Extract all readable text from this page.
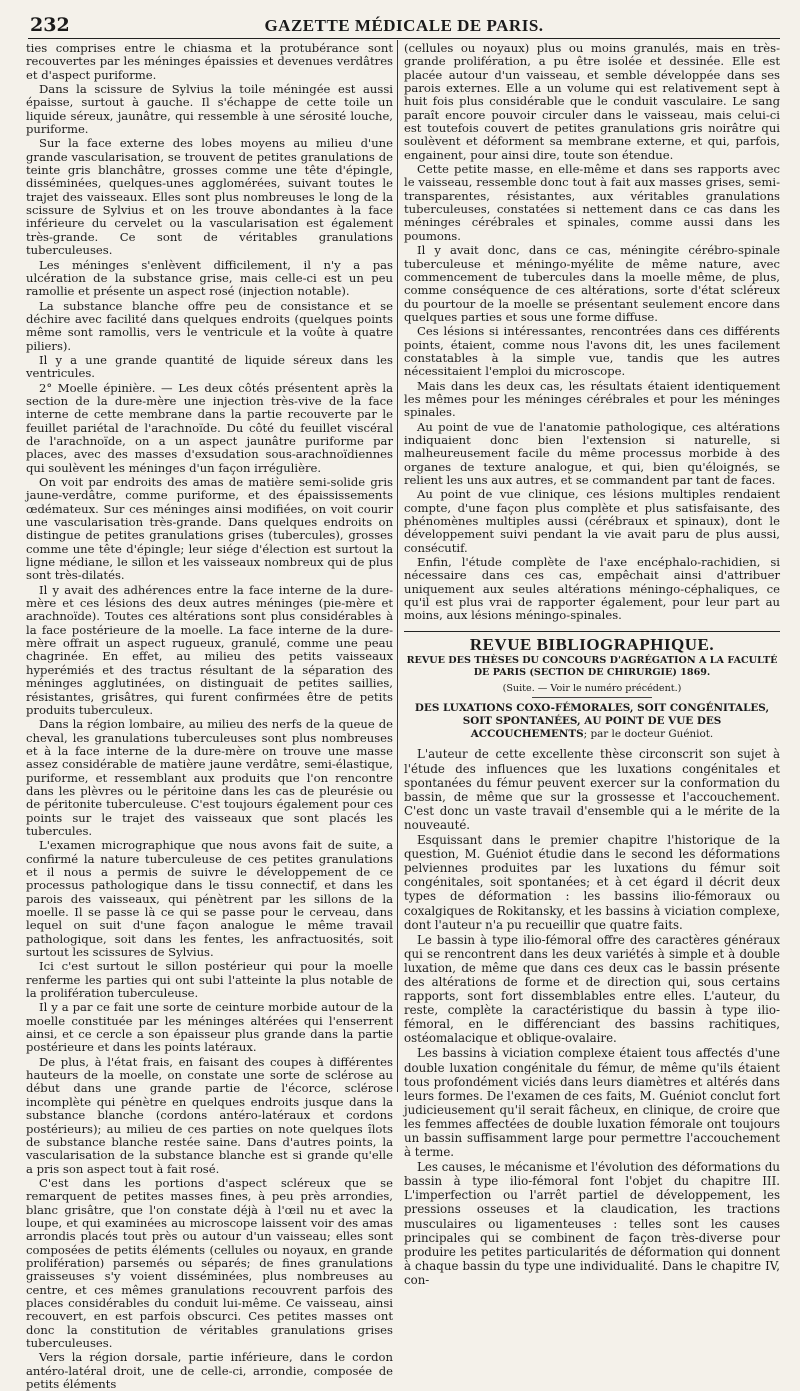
232	GAZETTE MÉDICALE DE PARIS.

ties comprises entre le chiasma et la protubérance sont recouvertes par les méninges épaissies et devenues verdâtres et d'aspect puriforme.

Dans la scissure de Sylvius la toile méningée est aussi épaisse, surtout à gauche. Il s'échappe de cette toile un liquide séreux, jaunâtre, qui ressemble à une sérosité louche, puriforme.

Sur la face externe des lobes moyens au milieu d'une grande vascularisation, se trouvent de petites granulations de teinte gris blanchâtre, grosses comme une tête d'épingle, disséminées, quelques-unes agglomérées, suivant toutes le trajet des vaisseaux. Elles sont plus nombreuses le long de la scissure de Sylvius et on les trouve abondantes à la face inférieure du cervelet ou la vascularisation est également très-grande. Ce sont de véritables granulations tuberculeuses.

Les méninges s'enlèvent difficilement, il n'y a pas ulcération de la substance grise, mais celle-ci est un peu ramollie et présente un aspect rosé (injection notable).

La substance blanche offre peu de consistance et se déchire avec facilité dans quelques endroits (quelques points même sont ramollis, vers le ventricule et la voûte à quatre piliers).

Il y a une grande quantité de liquide séreux dans les ventricules.

2° Moelle épinière. — Les deux côtés présentent après la section de la dure-mère une injection très-vive de la face interne de cette membrane dans la partie recouverte par le feuillet pariétal de l'arachnoïde. Du côté du feuillet viscéral de l'arachnoïde, on a un aspect jaunâtre puriforme par places, avec des masses d'exsudation sous-arachnoïdiennes qui soulèvent les méninges d'un façon irrégulière.

On voit par endroits des amas de matière semi-solide gris jaune-verdâtre, comme puriforme, et des épaississements œdémateux. Sur ces méninges ainsi modifiées, on voit courir une vascularisation très-grande. Dans quelques endroits on distingue de petites granulations grises (tubercules), grosses comme une tête d'épingle; leur siége d'élection est surtout la ligne médiane, le sillon et les vaisseaux nombreux qui de plus sont très-dilatés.

Il y avait des adhérences entre la face interne de la dure-mère et ces lésions des deux autres méninges (pie-mère et arachnoïde). Toutes ces altérations sont plus considérables à la face postérieure de la moelle. La face interne de la dure-mère offrait un aspect rugueux, granulé, comme une peau chagrinée. En effet, au milieu des petits vaisseaux hyperémiés et des tractus résultant de la séparation des méninges agglutinées, on distinguait de petites saillies, résistantes, grisâtres, qui furent confirmées être de petits produits tuberculeux.

Dans la région lombaire, au milieu des nerfs de la queue de cheval, les granulations tuberculeuses sont plus nombreuses et à la face interne de la dure-mère on trouve une masse assez considérable de matière jaune verdâtre, semi-élastique, puriforme, et ressemblant aux produits que l'on rencontre dans les plèvres ou le péritoine dans les cas de pleurésie ou de péritonite tuberculeuse. C'est toujours également pour ces points sur le trajet des vaisseaux que sont placés les tubercules.

L'examen micrographique que nous avons fait de suite, a confirmé la nature tuberculeuse de ces petites granulations et il nous a permis de suivre le développement de ce processus pathologique dans le tissu connectif, et dans les parois des vaisseaux, qui pénètrent par les sillons de la moelle. Il se passe là ce qui se passe pour le cerveau, dans lequel on suit d'une façon analogue le même travail pathologique, soit dans les fentes, les anfractuosités, soit surtout les scissures de Sylvius.

Ici c'est surtout le sillon postérieur qui pour la moelle renferme les parties qui ont subi l'atteinte la plus notable de la prolifération tuberculeuse.

Il y a par ce fait une sorte de ceinture morbide autour de la moelle constituée par les méninges altérées qui l'enserrent ainsi, et ce cercle a son épaisseur plus grande dans la partie postérieure et dans les points latéraux.

De plus, à l'état frais, en faisant des coupes à différentes hauteurs de la moelle, on constate une sorte de sclérose au début dans une grande partie de l'écorce, sclérose incomplète qui pénètre en quelques endroits jusque dans la substance blanche (cordons antéro-latéraux et cordons postérieurs); au milieu de ces parties on note quelques îlots de substance blanche restée saine. Dans d'autres points, la vascularisation de la substance blanche est si grande qu'elle a pris son aspect tout à fait rosé.

C'est dans les portions d'aspect scléreux que se remarquent de petites masses fines, à peu près arrondies, blanc grisâtre, que l'on constate déjà à l'œil nu et avec la loupe, et qui examinées au microscope laissent voir des amas arrondis placés tout près ou autour d'un vaisseau; elles sont composées de petits éléments (cellules ou noyaux, en grande prolifération) parsemés ou séparés; de fines granulations graisseuses s'y voient disséminées, plus nombreuses au centre, et ces mêmes granulations recouvrent parfois des places considérables du conduit lui-même. Ce vaisseau, ainsi recouvert, en est parfois obscurci. Ces petites masses ont donc la constitution de véritables granulations grises tuberculeuses.

Vers la région dorsale, partie inférieure, dans le cordon antéro-latéral droit, une de celle-ci, arrondie, composée de petits éléments

(cellules ou noyaux) plus ou moins granulés, mais en très-grande prolifération, a pu être isolée et dessinée. Elle est placée autour d'un vaisseau, et semble développée dans ses parois externes. Elle a un volume qui est relativement sept à huit fois plus considérable que le conduit vasculaire. Le sang paraît encore pouvoir circuler dans le vaisseau, mais celui-ci est toutefois couvert de petites granulations gris noirâtre qui soulèvent et déforment sa membrane externe, et qui, parfois, engainent, pour ainsi dire, toute son étendue.

Cette petite masse, en elle-même et dans ses rapports avec le vaisseau, ressemble donc tout à fait aux masses grises, semi-transparentes, résistantes, aux véritables granulations tuberculeuses, constatées si nettement dans ce cas dans les méninges cérébrales et spinales, comme aussi dans les poumons.

Il y avait donc, dans ce cas, méningite cérébro-spinale tuberculeuse et méningo-myélite de même nature, avec commencement de tubercules dans la moelle même, de plus, comme conséquence de ces altérations, sorte d'état scléreux du pourtour de la moelle se présentant seulement encore dans quelques parties et sous une forme diffuse.

Ces lésions si intéressantes, rencontrées dans ces différents points, étaient, comme nous l'avons dit, les unes facilement constatables à la simple vue, tandis que les autres nécessitaient l'emploi du microscope.

Mais dans les deux cas, les résultats étaient identiquement les mêmes pour les méninges cérébrales et pour les méninges spinales.

Au point de vue de l'anatomie pathologique, ces altérations indiquaient donc bien l'extension si naturelle, si malheureusement facile du même processus morbide à des organes de texture analogue, et qui, bien qu'éloignés, se relient les uns aux autres, et se commandent par tant de faces.

Au point de vue clinique, ces lésions multiples rendaient compte, d'une façon plus complète et plus satisfaisante, des phénomènes multiples aussi (cérébraux et spinaux), dont le développement suivi pendant la vie avait paru de plus aussi, consécutif.

Enfin, l'étude complète de l'axe encéphalo-rachidien, si nécessaire dans ces cas, empêchait ainsi d'attribuer uniquement aux seules altérations méningo-céphaliques, ce qu'il est plus vrai de rapporter également, pour leur part au moins, aux lésions méningo-spinales.

REVUE BIBLIOGRAPHIQUE.
REVUE DES THÈSES DU CONCOURS D'AGRÉGATION A LA FACULTÉ DE PARIS (SECTION DE CHIRURGIE) 1869.
(Suite. — Voir le numéro précédent.)
DES LUXATIONS COXO-FÉMORALES, SOIT CONGÉNITALES, SOIT SPONTANÉES, AU POINT DE VUE DES ACCOUCHEMENTS; par le docteur Guéniot.

L'auteur de cette excellente thèse circonscrit son sujet à l'étude des influences que les luxations congénitales et spontanées du fémur peuvent exercer sur la conformation du bassin, de même que sur la grossesse et l'accouchement. C'est donc un vaste travail d'ensemble qui a le mérite de la nouveauté.

Esquissant dans le premier chapitre l'historique de la question, M. Guéniot étudie dans le second les déformations pelviennes produites par les luxations du fémur soit congénitales, soit spontanées; et à cet égard il décrit deux types de déformation : les bassins ilio-fémoraux ou coxalgiques de Rokitansky, et les bassins à viciation complexe, dont l'auteur n'a pu recueillir que quatre faits.

Le bassin à type ilio-fémoral offre des caractères généraux qui se rencontrent dans les deux variétés à simple et à double luxation, de même que dans ces deux cas le bassin présente des altérations de forme et de direction qui, sous certains rapports, sont fort dissemblables entre elles. L'auteur, du reste, complète la caractéristique du bassin à type ilio-fémoral, en le différenciant des bassins rachitiques, ostéomalacique et oblique-ovalaire.

Les bassins à viciation complexe étaient tous affectés d'une double luxation congénitale du fémur, de même qu'ils étaient tous profondément viciés dans leurs diamètres et altérés dans leurs formes. De l'examen de ces faits, M. Guéniot conclut fort judicieusement qu'il serait fâcheux, en clinique, de croire que les femmes affectées de double luxation fémorale ont toujours un bassin suffisamment large pour permettre l'accouchement à terme.

Les causes, le mécanisme et l'évolution des déformations du bassin à type ilio-fémoral font l'objet du chapitre III. L'imperfection ou l'arrêt partiel de développement, les pressions osseuses et la claudication, les tractions musculaires ou ligamenteuses : telles sont les causes principales qui se combinent de façon très-diverse pour produire les petites particularités de déformation qui donnent à chaque bassin du type une individualité. Dans le chapitre IV, con-
